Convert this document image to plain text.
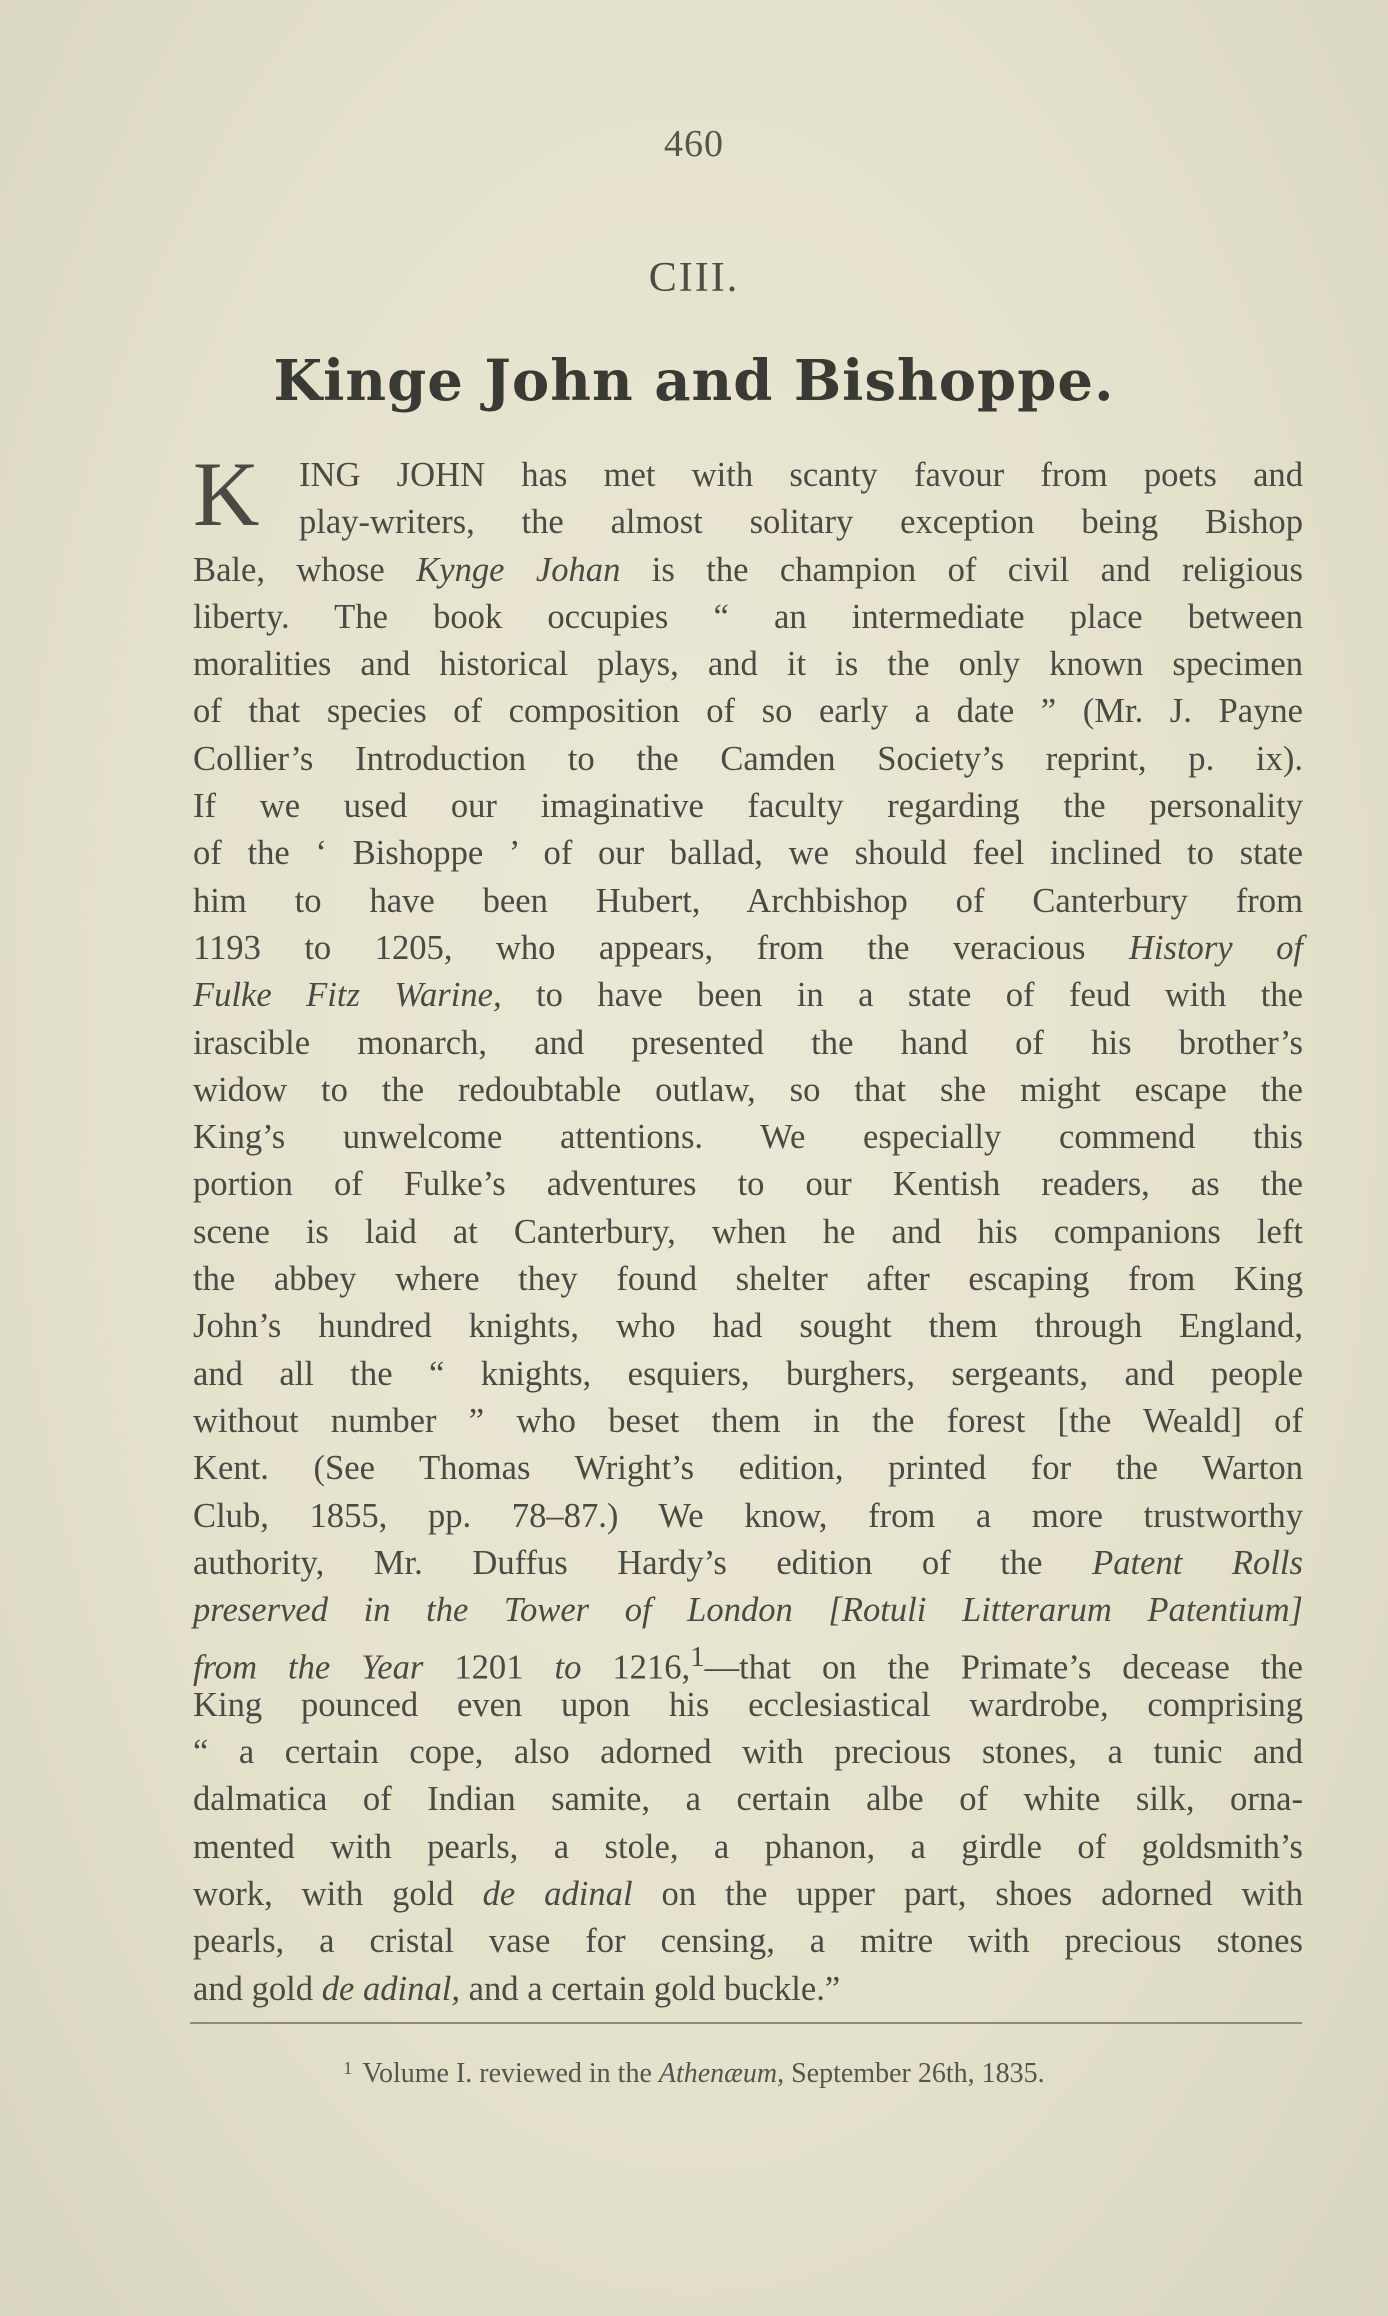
460
CIII.
Kinge John and Bishoppe.
K ING JOHN has met with scanty favour from poets and
play-writers, the almost solitary exception being Bishop
Bale, whose Kynge Johan is the champion of civil and religious
liberty. The book occupies “ an intermediate place between
moralities and historical plays, and it is the only known specimen
of that species of composition of so early a date ” (Mr. J. Payne
Collier’s Introduction to the Camden Society’s reprint, p. ix).
If we used our imaginative faculty regarding the personality
of the ‘ Bishoppe ’ of our ballad, we should feel inclined to state
him to have been Hubert, Archbishop of Canterbury from
1193 to 1205, who appears, from the veracious History of
Fulke Fitz Warine, to have been in a state of feud with the
irascible monarch, and presented the hand of his brother’s
widow to the redoubtable outlaw, so that she might escape the
King’s unwelcome attentions. We especially commend this
portion of Fulke’s adventures to our Kentish readers, as the
scene is laid at Canterbury, when he and his companions left
the abbey where they found shelter after escaping from King
John’s hundred knights, who had sought them through England,
and all the “ knights, esquiers, burghers, sergeants, and people
without number ” who beset them in the forest [the Weald] of
Kent. (See Thomas Wright’s edition, printed for the Warton
Club, 1855, pp. 78–87.) We know, from a more trustworthy
authority, Mr. Duffus Hardy’s edition of the Patent Rolls
preserved in the Tower of London [Rotuli Litterarum Patentium]
from the Year 1201 to 1216,$^1$—that on the Primate’s decease the
King pounced even upon his ecclesiastical wardrobe, comprising
“ a certain cope, also adorned with precious stones, a tunic and
dalmatica of Indian samite, a certain albe of white silk, orna-
mented with pearls, a stole, a phanon, a girdle of goldsmith’s
work, with gold de adinal on the upper part, shoes adorned with
pearls, a cristal vase for censing, a mitre with precious stones
and gold de adinal, and a certain gold buckle.”
$^1$ Volume I. reviewed in the Athenæum, September 26th, 1835.
